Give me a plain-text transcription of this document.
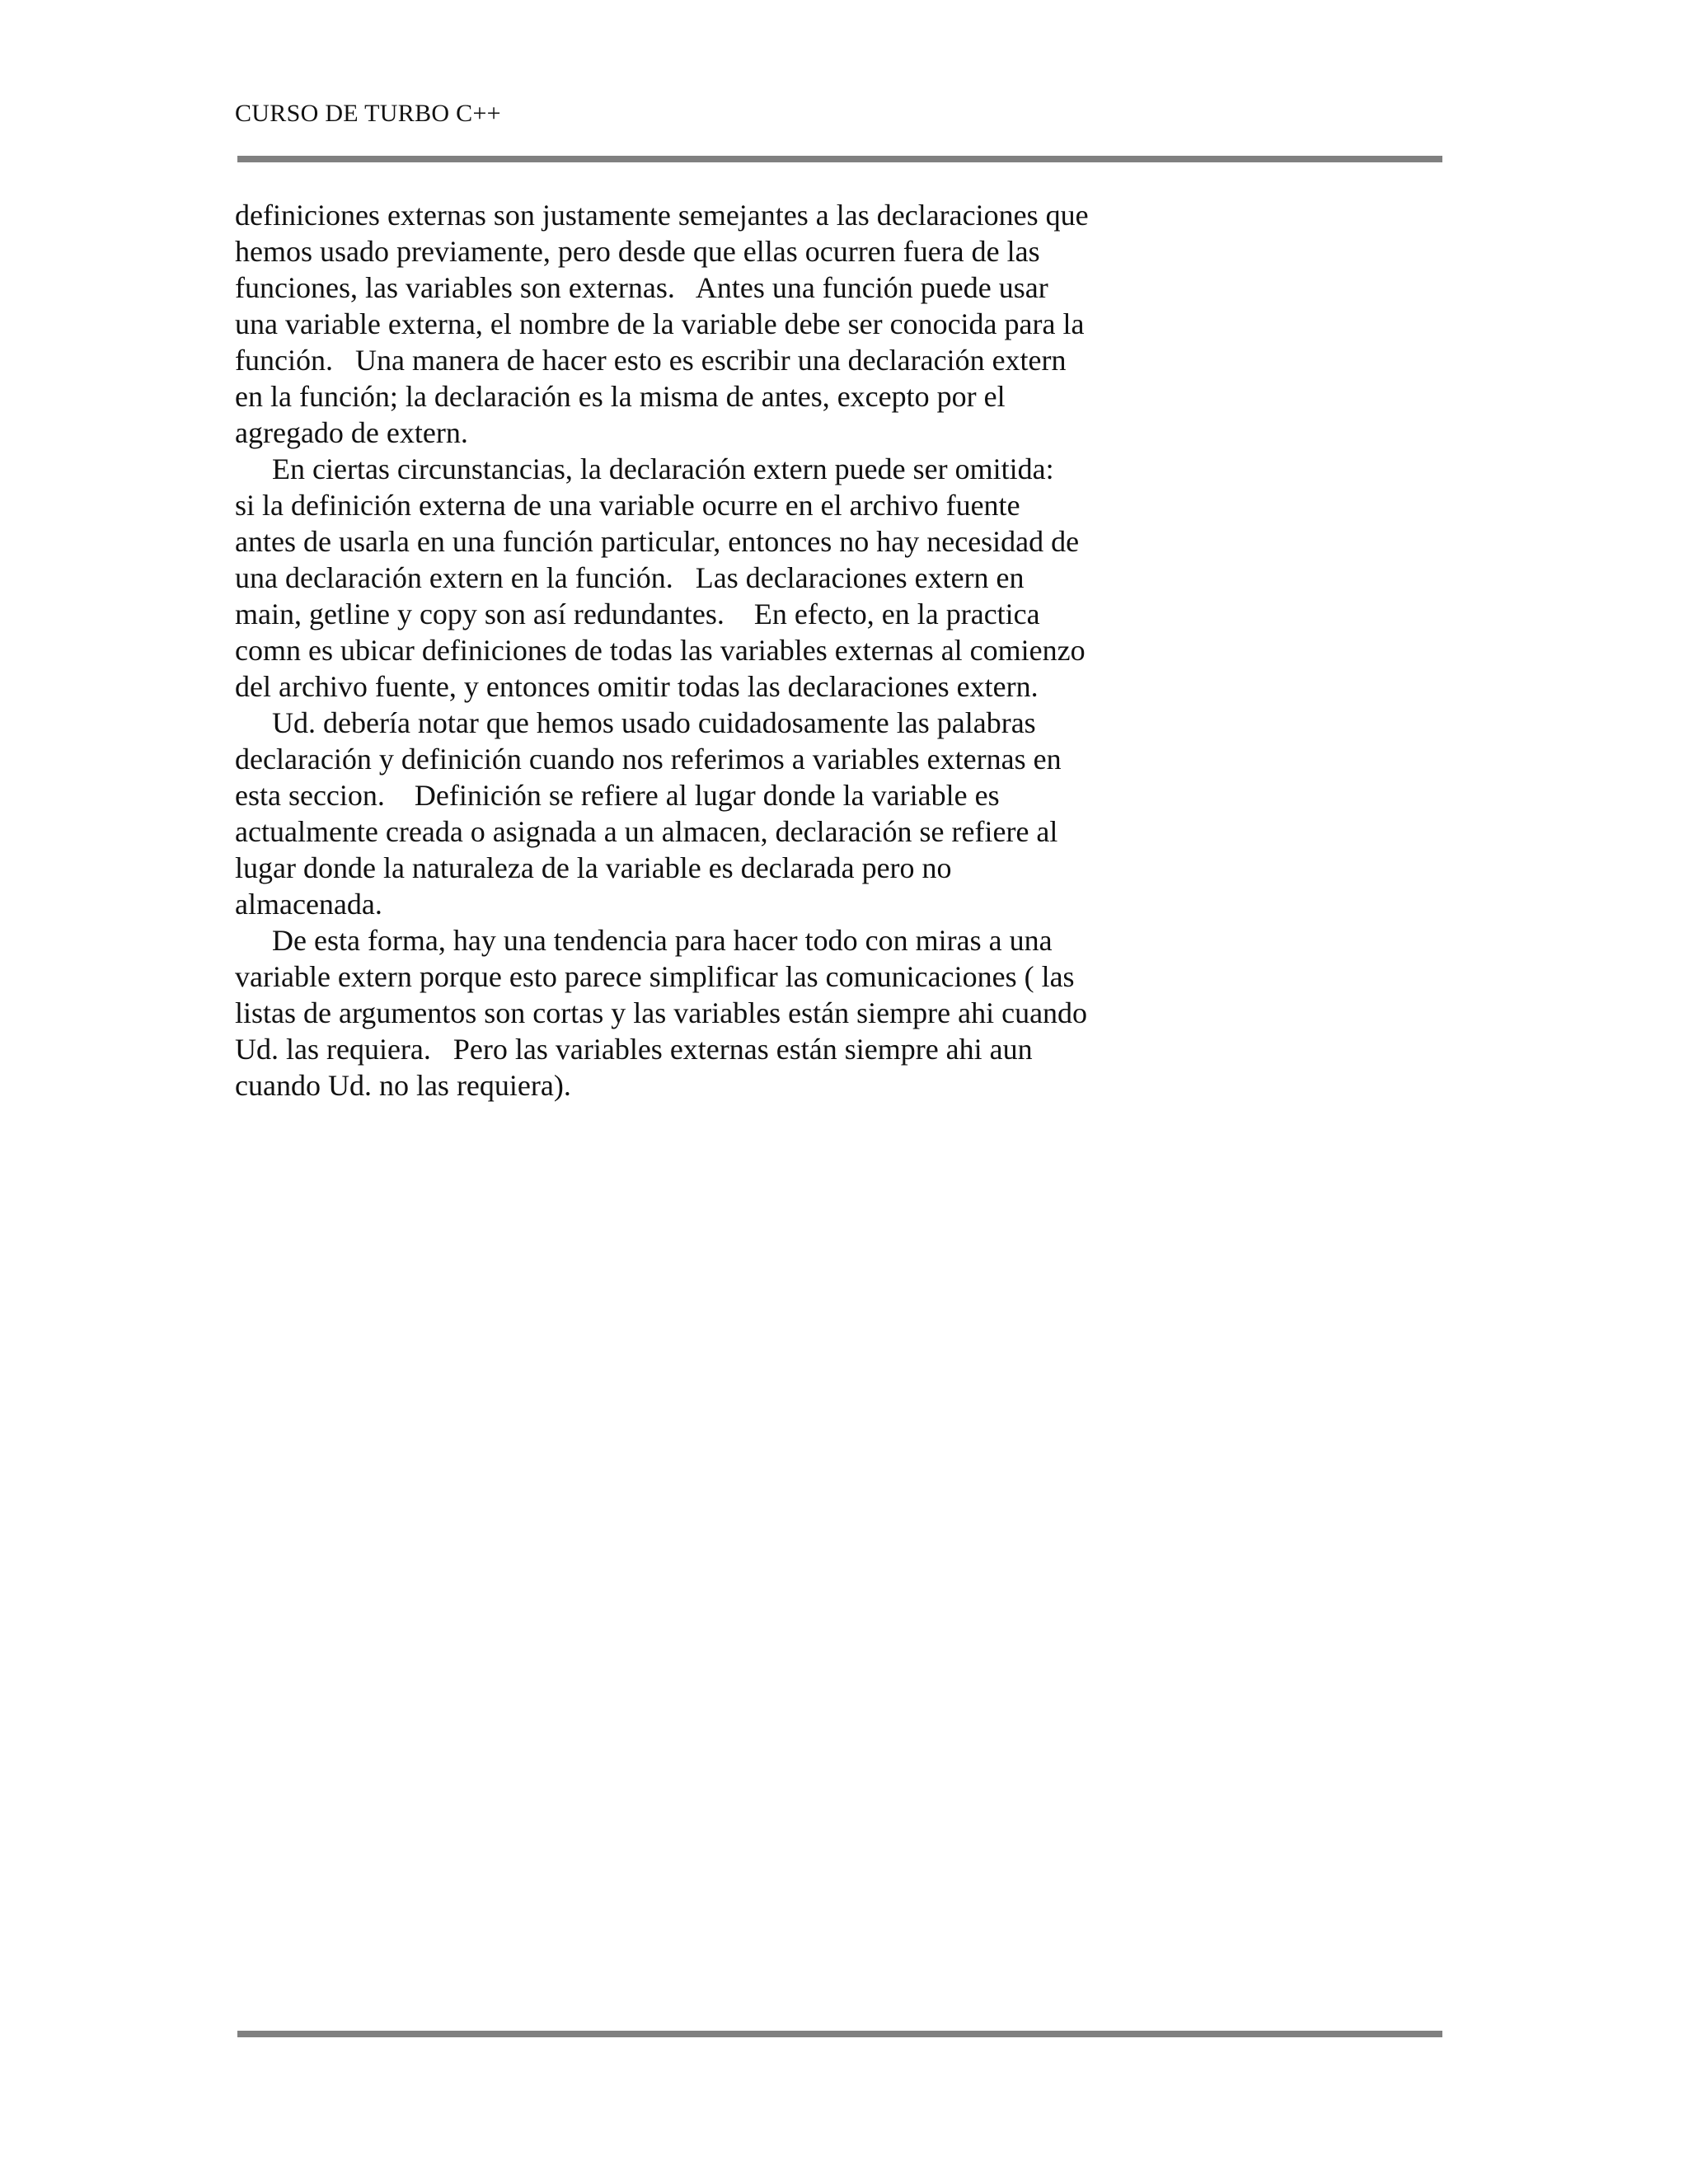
CURSO DE TURBO C++

definiciones externas son justamente semejantes a las declaraciones que

hemos usado previamente, pero desde que ellas ocurren fuera de las

funciones, las variables son externas.   Antes una función puede usar

una variable externa, el nombre de la variable debe ser conocida para la

función.   Una manera de hacer esto es escribir una declaración extern

en la función; la declaración es la misma de antes, excepto por el

agregado de extern.

En ciertas circunstancias, la declaración extern puede ser omitida:

si la definición externa de una variable ocurre en el archivo fuente

antes de usarla en una función particular, entonces no hay necesidad de

una declaración extern en la función.   Las declaraciones extern en

main, getline y copy son así redundantes.    En efecto, en la practica

comn es ubicar definiciones de todas las variables externas al comienzo

del archivo fuente, y entonces omitir todas las declaraciones extern.

Ud. debería notar que hemos usado cuidadosamente las palabras

declaración y definición cuando nos referimos a variables externas en

esta seccion.    Definición se refiere al lugar donde la variable es

actualmente creada o asignada a un almacen, declaración se refiere al

lugar donde la naturaleza de la variable es declarada pero no

almacenada.

De esta forma, hay una tendencia para hacer todo con miras a una

variable extern porque esto parece simplificar las comunicaciones ( las

listas de argumentos son cortas y las variables están siempre ahi cuando

Ud. las requiera.   Pero las variables externas están siempre ahi aun

cuando Ud. no las requiera).
